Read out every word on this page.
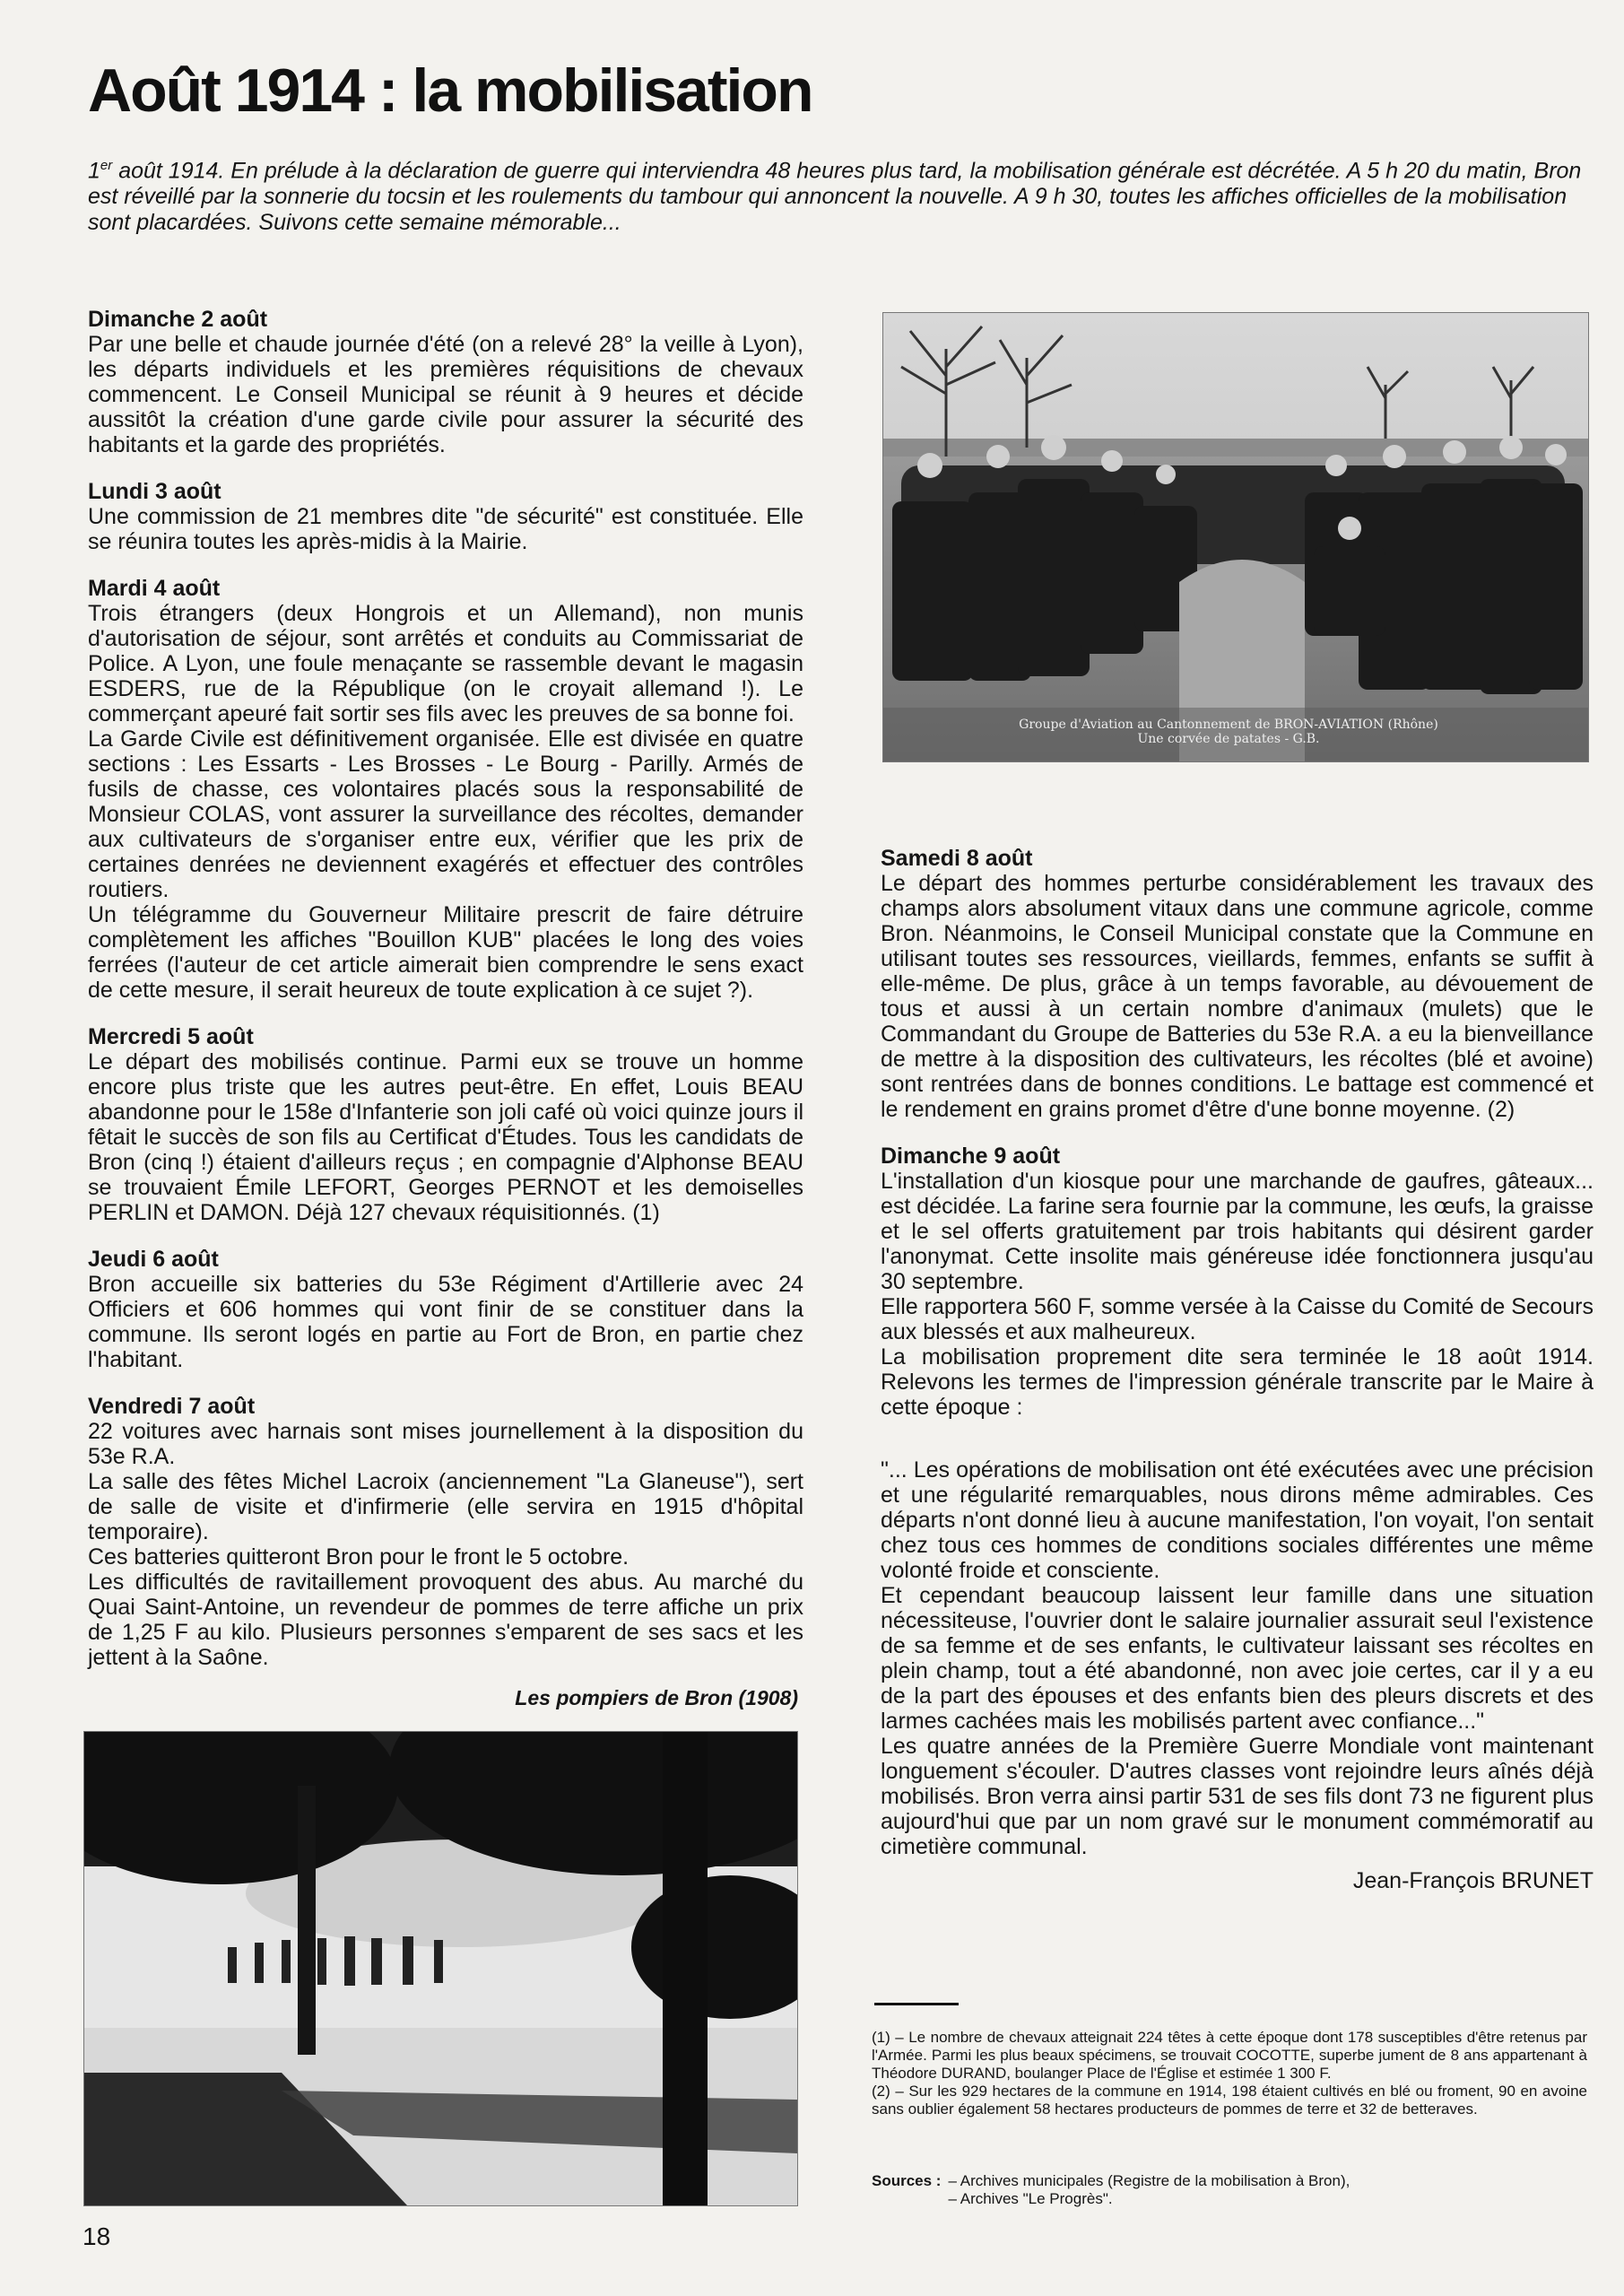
Août 1914 : la mobilisation
1er août 1914. En prélude à la déclaration de guerre qui interviendra 48 heures plus tard, la mobilisation générale est décrétée. A 5 h 20 du matin, Bron est réveillé par la sonnerie du tocsin et les roulements du tambour qui annoncent la nouvelle. A 9 h 30, toutes les affiches officielles de la mobilisation sont placardées. Suivons cette semaine mémorable...
Dimanche 2 août

Par une belle et chaude journée d'été (on a relevé 28° la veille à Lyon), les départs individuels et les premières réquisitions de chevaux commencent. Le Conseil Municipal se réunit à 9 heures et décide aussitôt la création d'une garde civile pour assurer la sécurité des habitants et la garde des propriétés.

Lundi 3 août

Une commission de 21 membres dite "de sécurité" est constituée. Elle se réunira toutes les après-midis à la Mairie.

Mardi 4 août

Trois étrangers (deux Hongrois et un Allemand), non munis d'autorisation de séjour, sont arrêtés et conduits au Commissariat de Police. A Lyon, une foule menaçante se rassemble devant le magasin ESDERS, rue de la République (on le croyait allemand !). Le commerçant apeuré fait sortir ses fils avec les preuves de sa bonne foi.

La Garde Civile est définitivement organisée. Elle est divisée en quatre sections : Les Essarts - Les Brosses - Le Bourg - Parilly. Armés de fusils de chasse, ces volontaires placés sous la responsabilité de Monsieur COLAS, vont assurer la surveillance des récoltes, demander aux cultivateurs de s'organiser entre eux, vérifier que les prix de certaines denrées ne deviennent exagérés et effectuer des contrôles routiers.

Un télégramme du Gouverneur Militaire prescrit de faire détruire complètement les affiches "Bouillon KUB" placées le long des voies ferrées (l'auteur de cet article aimerait bien comprendre le sens exact de cette mesure, il serait heureux de toute explication à ce sujet ?).

Mercredi 5 août

Le départ des mobilisés continue. Parmi eux se trouve un homme encore plus triste que les autres peut-être. En effet, Louis BEAU abandonne pour le 158e d'Infanterie son joli café où voici quinze jours il fêtait le succès de son fils au Certificat d'Études. Tous les candidats de Bron (cinq !) étaient d'ailleurs reçus ; en compagnie d'Alphonse BEAU se trouvaient Émile LEFORT, Georges PERNOT et les demoiselles PERLIN et DAMON. Déjà 127 chevaux réquisitionnés. (1)

Jeudi 6 août

Bron accueille six batteries du 53e Régiment d'Artillerie avec 24 Officiers et 606 hommes qui vont finir de se constituer dans la commune. Ils seront logés en partie au Fort de Bron, en partie chez l'habitant.

Vendredi 7 août

22 voitures avec harnais sont mises journellement à la disposition du 53e R.A.

La salle des fêtes Michel Lacroix (anciennement "La Glaneuse"), sert de salle de visite et d'infirmerie (elle servira en 1915 d'hôpital temporaire).

Ces batteries quitteront Bron pour le front le 5 octobre.

Les difficultés de ravitaillement provoquent des abus. Au marché du Quai Saint-Antoine, un revendeur de pommes de terre affiche un prix de 1,25 F au kilo. Plusieurs personnes s'emparent de ses sacs et les jettent à la Saône.

Groupe d'Aviation au Cantonnement de BRON-AVIATION (Rhône)
Une corvée de patates - G.B.
Samedi 8 août

Le départ des hommes perturbe considérablement les travaux des champs alors absolument vitaux dans une commune agricole, comme Bron. Néanmoins, le Conseil Municipal constate que la Commune en utilisant toutes ses ressources, vieillards, femmes, enfants se suffit à elle-même. De plus, grâce à un temps favorable, au dévouement de tous et aussi à un certain nombre d'animaux (mulets) que le Commandant du Groupe de Batteries du 53e R.A. a eu la bienveillance de mettre à la disposition des cultivateurs, les récoltes (blé et avoine) sont rentrées dans de bonnes conditions. Le battage est commencé et le rendement en grains promet d'être d'une bonne moyenne. (2)

Dimanche 9 août

L'installation d'un kiosque pour une marchande de gaufres, gâteaux... est décidée. La farine sera fournie par la commune, les œufs, la graisse et le sel offerts gratuitement par trois habitants qui désirent garder l'anonymat. Cette insolite mais généreuse idée fonctionnera jusqu'au 30 septembre.

Elle rapportera 560 F, somme versée à la Caisse du Comité de Secours aux blessés et aux malheureux.

La mobilisation proprement dite sera terminée le 18 août 1914. Relevons les termes de l'impression générale transcrite par le Maire à cette époque :

"... Les opérations de mobilisation ont été exécutées avec une précision et une régularité remarquables, nous dirons même admirables. Ces départs n'ont donné lieu à aucune manifestation, l'on voyait, l'on sentait chez tous ces hommes de conditions sociales différentes une même volonté froide et consciente.

Et cependant beaucoup laissent leur famille dans une situation nécessiteuse, l'ouvrier dont le salaire journalier assurait seul l'existence de sa femme et de ses enfants, le cultivateur laissant ses récoltes en plein champ, tout a été abandonné, non avec joie certes, car il y a eu de la part des épouses et des enfants bien des pleurs discrets et des larmes cachées mais les mobilisés partent avec confiance..."

Les quatre années de la Première Guerre Mondiale vont maintenant longuement s'écouler. D'autres classes vont rejoindre leurs aînés déjà mobilisés. Bron verra ainsi partir 531 de ses fils dont 73 ne figurent plus aujourd'hui que par un nom gravé sur le monument commémoratif au cimetière communal.

Jean-François BRUNET
Les pompiers de Bron (1908)

(1) – Le nombre de chevaux atteignait 224 têtes à cette époque dont 178 susceptibles d'être retenus par l'Armée. Parmi les plus beaux spécimens, se trouvait COCOTTE, superbe jument de 8 ans appartenant à Théodore DURAND, boulanger Place de l'Église et estimée 1 300 F.

(2) – Sur les 929 hectares de la commune en 1914, 198 étaient cultivés en blé ou froment, 90 en avoine sans oublier également 58 hectares producteurs de pommes de terre et 32 de betteraves.

Sources :	– Archives municipales (Registre de la mobilisation à Bron),
– Archives "Le Progrès".
18
